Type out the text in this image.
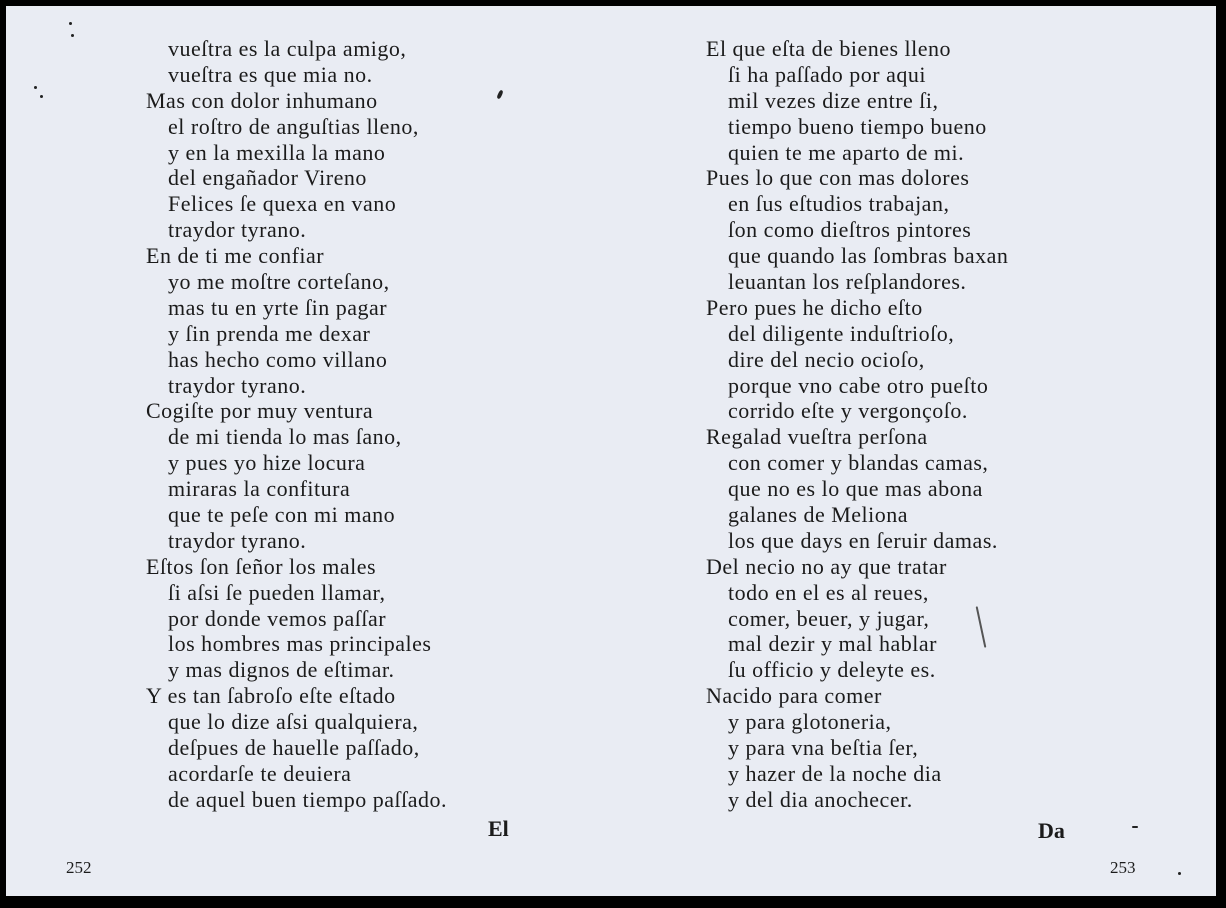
vueſtra es la culpa amigo,
vueſtra es que mia no.
Mas con dolor inhumano
el roſtro de anguſtias lleno,
y en la mexilla la mano
del engañador Vireno
Felices ſe quexa en vano
traydor tyrano.
En de ti me confiar
yo me moſtre corteſano,
mas tu en yrte ſin pagar
y ſin prenda me dexar
has hecho como villano
traydor tyrano.
Cogiſte por muy ventura
de mi tienda lo mas ſano,
y pues yo hize locura
miraras la confitura
que te peſe con mi mano
traydor tyrano.
Eſtos ſon ſeñor los males
ſi aſsi ſe pueden llamar,
por donde vemos paſſar
los hombres mas principales
y mas dignos de eſtimar.
Y es tan ſabroſo eſte eſtado
que lo dize aſsi qualquiera,
deſpues de hauelle paſſado,
acordarſe te deuiera
de aquel buen tiempo paſſado.
El que eſta de bienes lleno
ſi ha paſſado por aqui
mil vezes dize entre ſi,
tiempo bueno tiempo bueno
quien te me aparto de mi.
Pues lo que con mas dolores
en ſus eſtudios trabajan,
ſon como dieſtros pintores
que quando las ſombras baxan
leuantan los reſplandores.
Pero pues he dicho eſto
del diligente induſtrioſo,
dire del necio ocioſo,
porque vno cabe otro pueſto
corrido eſte y vergonçoſo.
Regalad vueſtra perſona
con comer y blandas camas,
que no es lo que mas abona
galanes de Meliona
los que days en ſeruir damas.
Del necio no ay que tratar
todo en el es al reues,
comer, beuer, y jugar,
mal dezir y mal hablar
ſu officio y deleyte es.
Nacido para comer
y para glotoneria,
y para vna beſtia ſer,
y hazer de la noche dia
y del dia anochecer.
El	Da
252	253
